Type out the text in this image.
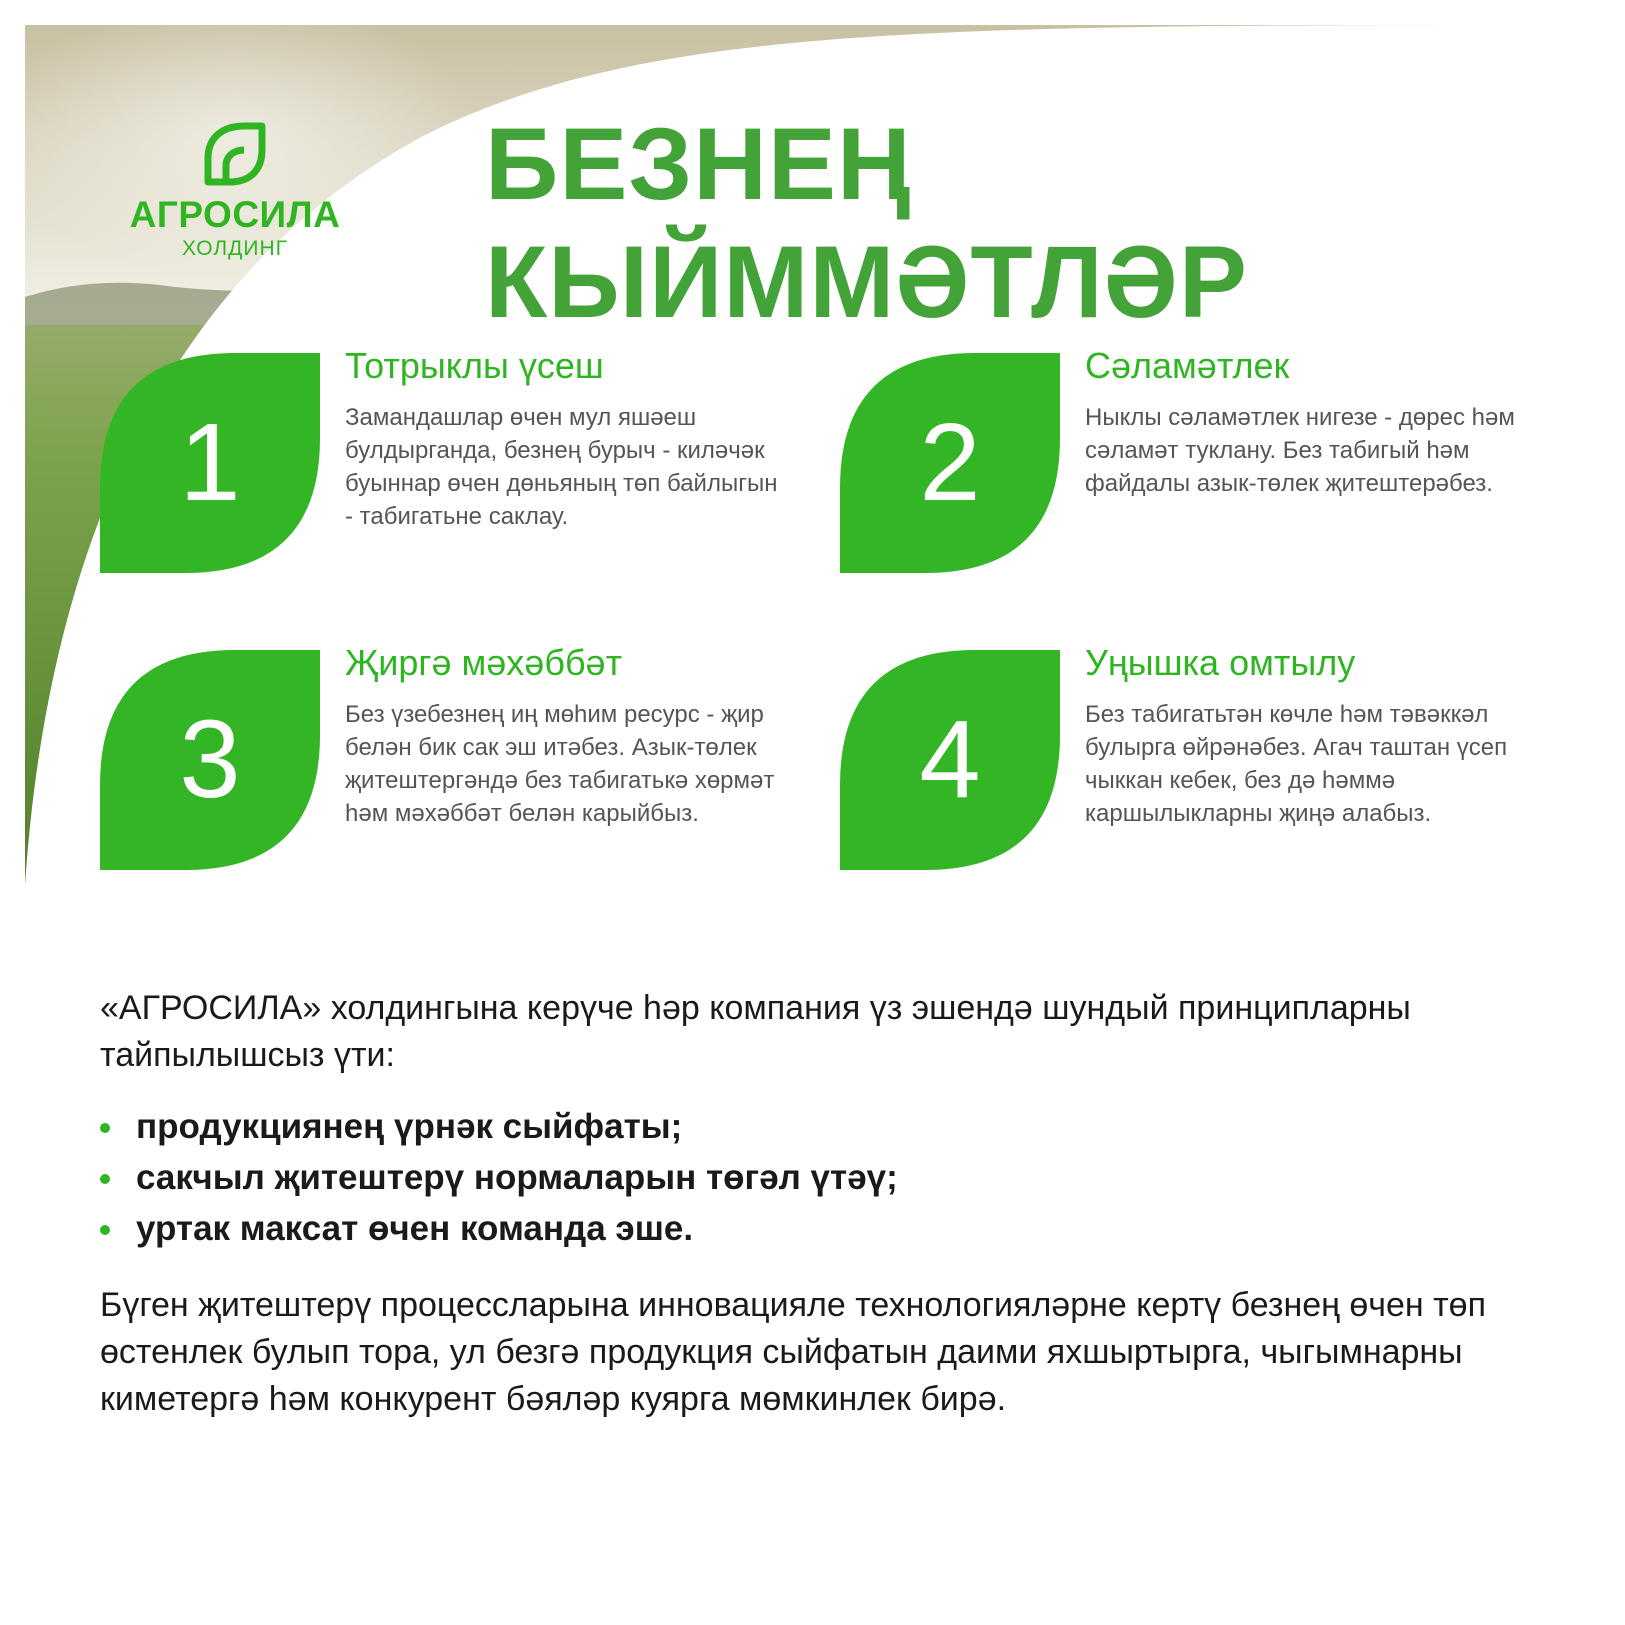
АГРОСИЛА
ХОЛДИНГ
БЕЗНЕҢ
КЫЙММӘТЛӘР
1
Тотрыклы үсеш

Замандашлар өчен мул яшәеш булдырганда, безнең бурыч - киләчәк буыннар өчен дөньяның төп байлыгын - табигатьне саклау.	2
Сәламәтлек

Ныклы сәламәтлек нигезе - дөрес һәм сәламәт туклану. Без табигый һәм файдалы азык-төлек җитештерәбез.

3
Җиргә мәхәббәт

Без үзебезнең иң мөһим ресурс - җир белән бик сак эш итәбез. Азык-төлек җитештергәндә без табигатькә хөрмәт һәм мәхәббәт белән карыйбыз.	4
Уңышка омтылу

Без табигатьтән көчле һәм тәвәккәл булырга өйрәнәбез. Агач таштан үсеп чыккан кебек, без дә һәммә каршылыкларны җиңә алабыз.

«АГРОСИЛА» холдингына керүче һәр компания үз эшендә шундый принципларны тайпылышсыз үти:

продукциянең үрнәк сыйфаты;
сакчыл җитештерү нормаларын төгәл үтәү;
уртак максат өчен команда эше.

Бүген җитештерү процессларына инновацияле технологияләрне кертү безнең өчен төп өстенлек булып тора, ул безгә продукция сыйфатын даими яхшыртырга, чыгымнарны киметергә һәм конкурент бәяләр куярга мөмкинлек бирә.
